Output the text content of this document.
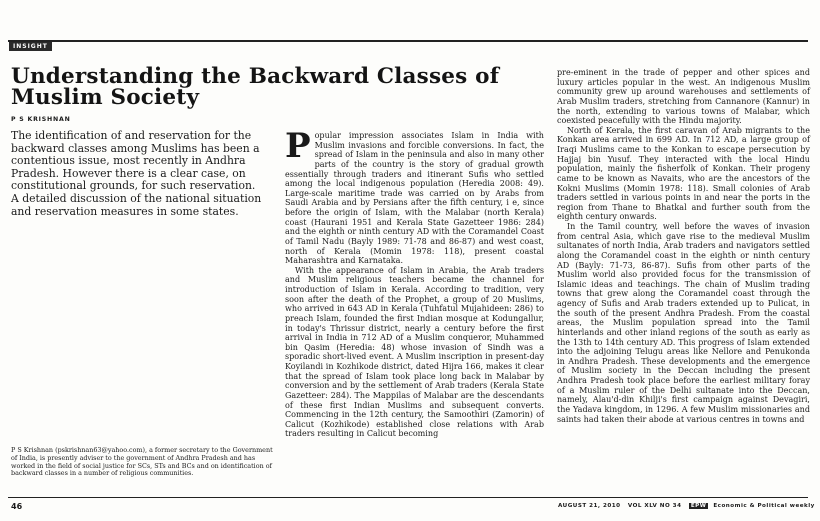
INSIGHT
Understanding the Backward Classes of Muslim Society
P S KRISHNAN

The identification of and reservation for the backward classes among Muslims has been a contentious issue, most recently in Andhra Pradesh. However there is a clear case, on constitutional grounds, for such reservation. A detailed discussion of the national situation and reservation measures in some states.

P S Krishnan (pskrishnan63@yahoo.com), a former secretary to the Government of India, is presently adviser to the government of Andhra Pradesh and has worked in the field of social justice for SCs, STs and BCs and on identification of backward classes in a number of religious communities.

Popular impression associates Islam in India with Muslim invasions and forcible conversions. In fact, the spread of Islam in the peninsula and also in many other parts of the country is the story of gradual growth essentially through traders and itinerant Sufis who settled among the local indigenous population (Heredia 2008: 49). Large-scale maritime trade was carried on by Arabs from Saudi Arabia and by Persians after the fifth century, i e, since before the origin of Islam, with the Malabar (north Kerala) coast (Haurani 1951 and Kerala State Gazetteer 1986: 284) and the eighth or ninth century AD with the Coramandel Coast of Tamil Nadu (Bayly 1989: 71-78 and 86-87) and west coast, north of Kerala (Momin 1978: 118), present coastal Maharashtra and Karnataka.

With the appearance of Islam in Arabia, the Arab traders and Muslim religious teachers became the channel for introduction of Islam in Kerala. According to tradition, very soon after the death of the Prophet, a group of 20 Muslims, who arrived in 643 AD in Kerala (Tuhfatul Mujahideen: 286) to preach Islam, founded the first Indian mosque at Kodungallur, in today's Thrissur district, nearly a century before the first arrival in India in 712 AD of a Muslim conqueror, Muhammed bin Qasim (Heredia: 48) whose invasion of Sindh was a sporadic short-lived event. A Muslim inscription in present-day Koyilandi in Kozhikode district, dated Hijra 166, makes it clear that the spread of Islam took place long back in Malabar by conversion and by the settlement of Arab traders (Kerala State Gazetteer: 284). The Mappilas of Malabar are the descendants of these first Indian Muslims and subsequent converts. Commencing in the 12th century, the Samoothiri (Zamorin) of Calicut (Kozhikode) established close relations with Arab traders resulting in Calicut becoming

pre-eminent in the trade of pepper and other spices and luxury articles popular in the west. An indigenous Muslim community grew up around warehouses and settlements of Arab Muslim traders, stretching from Cannanore (Kannur) in the north, extending to various towns of Malabar, which coexisted peacefully with the Hindu majority.

North of Kerala, the first caravan of Arab migrants to the Konkan area arrived in 699 AD. In 712 AD, a large group of Iraqi Muslims came to the Konkan to escape persecution by Hajjaj bin Yusuf. They interacted with the local Hindu population, mainly the fisherfolk of Konkan. Their progeny came to be known as Navaits, who are the ancestors of the Kokni Muslims (Momin 1978: 118). Small colonies of Arab traders settled in various points in and near the ports in the region from Thane to Bhatkal and further south from the eighth century onwards.

In the Tamil country, well before the waves of invasion from central Asia, which gave rise to the medieval Muslim sultanates of north India, Arab traders and navigators settled along the Coramandel coast in the eighth or ninth century AD (Bayly: 71-73, 86-87). Sufis from other parts of the Muslim world also provided focus for the transmission of Islamic ideas and teachings. The chain of Muslim trading towns that grew along the Coramandel coast through the agency of Sufis and Arab traders extended up to Pulicat, in the south of the present Andhra Pradesh. From the coastal areas, the Muslim population spread into the Tamil hinterlands and other inland regions of the south as early as the 13th to 14th century AD. This progress of Islam extended into the adjoining Telugu areas like Nellore and Penukonda in Andhra Pradesh. These developments and the emergence of Muslim society in the Deccan including the present Andhra Pradesh took place before the earliest military foray of a Muslim ruler of the Delhi sultanate into the Deccan, namely, Alau'd-din Khilji's first campaign against Devagiri, the Yadava kingdom, in 1296. A few Muslim missionaries and saints had taken their abode at various centres in towns and

46	AUGUST 21, 2010 VOL XLV NO 34 EPW Economic & Political weekly
